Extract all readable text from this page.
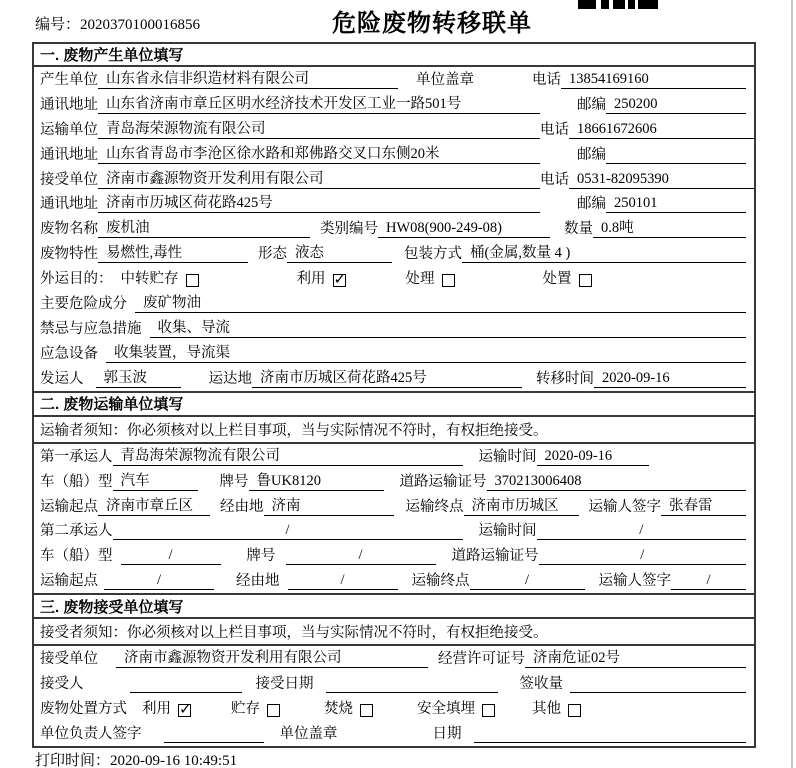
编号：2020370100016856	危险废物转移联单
一. 废物产生单位填写
产生单位 山东省永信非织造材料有限公司	单位盖章	电话 13854169160
通讯地址 山东省济南市章丘区明水经济技术开发区工业一路501号	邮编 250200
运输单位 青岛海荣源物流有限公司	电话 18661672606
通讯地址 山东省青岛市李沧区徐水路和郑佛路交叉口东侧20米	邮编
接受单位 济南市鑫源物资开发利用有限公司	电话 0531-82095390
通讯地址 济南市历城区荷花路425号	邮编 250101
废物名称 废机油	类别编号 HW08(900-249-08)	数量 0.8吨
废物特性 易燃性,毒性	形态 液态	包装方式 桶(金属,数量 4 )
外运目的： 中转贮存	利用 ✓	处理	处置
主要危险成分	废矿物油
禁忌与应急措施	收集、导流
应急设备	收集装置，导流渠
发运人	郭玉波	运达地 济南市历城区荷花路425号	转移时间 2020-09-16
二. 废物运输单位填写
运输者须知：你必须核对以上栏目事项，当与实际情况不符时，有权拒绝接受。
第一承运人 青岛海荣源物流有限公司	运输时间 2020-09-16
车（船）型 汽车	牌号 鲁UK8120	道路运输证号 370213006408
运输起点 济南市章丘区	经由地 济南	运输终点 济南市历城区	运输人签字 张春雷
第二承运人	/	运输时间	/
车（船）型	/	牌号	/	道路运输证号	/
运输起点	/	经由地	/	运输终点	/	运输人签字	/
三. 废物接受单位填写
接受者须知：你必须核对以上栏目事项，当与实际情况不符时，有权拒绝接受。
接受单位	济南市鑫源物资开发利用有限公司	经营许可证号 济南危证02号
接受人	接受日期	签收量
废物处置方式 利用 ✓	贮存	焚烧	安全填埋	其他
单位负责人签字	单位盖章	日期
打印时间：2020-09-16 10:49:51
